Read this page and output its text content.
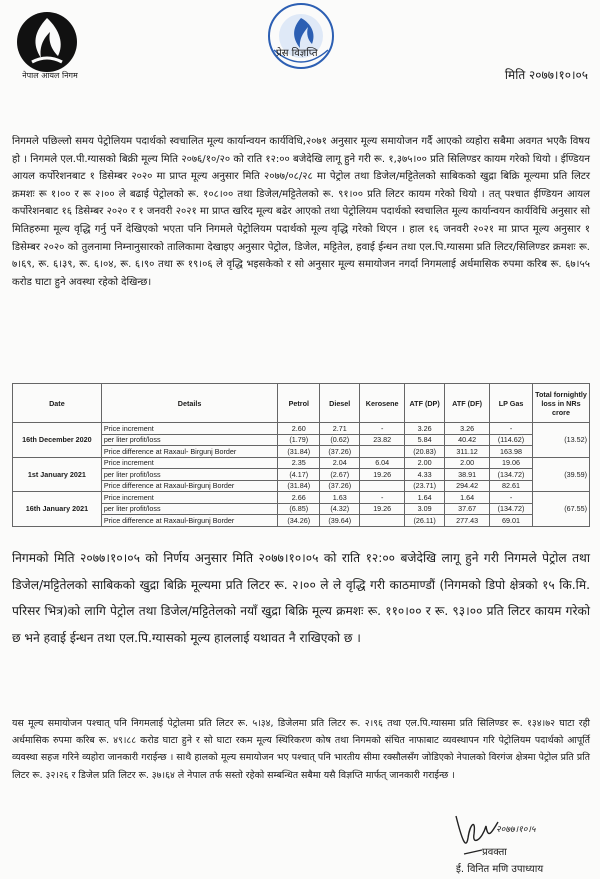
नेपाल आयल निगम
प्रेस विज्ञप्ति
मिति २०७७।१०।०५

निगमले पछिल्लो समय पेट्रोलियम पदार्थको स्वचालित मूल्य कार्यान्वयन कार्यविधि,२०७१ अनुसार मूल्य समायोजन गर्दै आएको व्यहोरा सबैमा अवगत भएकै विषय हो । निगमले एल.पी.ग्यासको बिक्री मूल्य मिति २०७६/१०/२० को राति १२:०० बजेदेखि लागू हुने गरी रू. १,३७५।०० प्रति सिलिण्डर कायम गरेको थियो । ईण्डियन आयल कर्पोरेशनबाट १ डिसेम्बर २०२० मा प्राप्त मूल्य अनुसार मिति २०७७/०८/२८ मा पेट्रोल तथा डिजेल/मट्टितेलको साबिकको खुद्रा बिक्रि मूल्यमा प्रति लिटर क्रमशः रू १।०० र रू २।०० ले बढाई पेट्रोलको रू. १०८।०० तथा डिजेल/मट्टितेलको रू. ९१।०० प्रति लिटर कायम गरेको थियो । तत् पश्चात ईण्डियन आयल कर्पोरेशनबाट १६ डिसेम्बर २०२० र १ जनवरी २०२१ मा प्राप्त खरिद मूल्य बढेर आएको तथा पेट्रोलियम पदार्थको स्वचालित मूल्य कार्यान्वयन कार्यविधि अनुसार सो मितिहरुमा मूल्य वृद्धि गर्नु पर्ने देखिएको भएता पनि निगमले पेट्रोलियम पदार्थको मूल्य वृद्धि गरेको थिएन । हाल १६ जनवरी २०२१ मा प्राप्त मूल्य अनुसार १ डिसेम्बर २०२० को तुलनामा निम्नानुसारको तालिकामा देखाइए अनुसार पेट्रोल, डिजेल, मट्टितेल, हवाई ईन्धन तथा एल.पि.ग्यासमा प्रति लिटर/सिलिण्डर क्रमशः रू. ७।६९, रू. ६।३९, रू. ६।०४, रू. ६।९० तथा रू १९।०६ ले वृद्धि भइसकेको र सो अनुसार मूल्य समायोजन नगर्दा निगमलाई अर्धमासिक रुपमा करिब रू. ६७।५५ करोड घाटा हुने अवस्था रहेको देखिन्छ।

Date	Details	Petrol	Diesel	Kerosene	ATF (DP)	ATF (DF)	LP Gas	Total fornightly loss in NRs crore
16th December 2020	Price increment	2.60	2.71	-	3.26	3.26	-	(13.52)
	per liter profit/loss	(1.79)	(0.62)	23.82	5.84	40.42	(114.62)	
	Price difference at Raxaul- Birgunj Border	(31.84)	(37.26)		(20.83)	311.12	163.98	
1st January 2021	Price increment	2.35	2.04	6.04	2.00	2.00	19.06	(39.59)
	per liter profit/loss	(4.17)	(2.67)	19.26	4.33	38.91	(134.72)	
	Price difference at Raxaul-Birgunj Border	(31.84)	(37.26)		(23.71)	294.42	82.61	
16th January 2021	Price increment	2.66	1.63	-	1.64	1.64	-	(67.55)
	per liter profit/loss	(6.85)	(4.32)	19.26	3.09	37.67	(134.72)	
	Price difference at Raxaul-Birgunj Border	(34.26)	(39.64)		(26.11)	277.43	69.01	

निगमको मिति २०७७।१०।०५ को निर्णय अनुसार मिति २०७७।१०।०५ को राति १२:०० बजेदेखि लागू हुने गरी निगमले पेट्रोल तथा डिजेल/मट्टितेलको साबिकको खुद्रा बिक्रि मूल्यमा प्रति लिटर रू. २।०० ले ले वृद्धि गरी काठमाण्डौं (निगमको डिपो क्षेत्रको १५ कि.मि. परिसर भित्र)को लागि पेट्रोल तथा डिजेल/मट्टितेलको नयाँ खुद्रा बिक्रि मूल्य क्रमशः रू. ११०।०० र रू. ९३।०० प्रति लिटर कायम गरेको छ भने हवाई ईन्धन तथा एल.पि.ग्यासको मूल्य हाललाई यथावत नै राखिएको छ ।

यस मूल्य समायोजन पश्चात् पनि निगमलाई पेट्रोलमा प्रति लिटर रू. ५।३४, डिजेलमा प्रति लिटर रू. २।९६ तथा एल.पि.ग्यासमा प्रति सिलिण्डर रू. १३४।७२ घाटा रही अर्धमासिक रुपमा करिब रू. ४९।८८ करोड घाटा हुने र सो घाटा रकम मूल्य स्थिरिकरण कोष तथा निगमको संचित नाफाबाट व्यवस्थापन गरि पेट्रोलियम पदार्थको आपूर्ति व्यवस्था सहज गरिने व्यहोरा जानकारी गराईन्छ । साथै हालको मूल्य समायोजन भए पश्चात् पनि भारतीय सीमा रक्सौलसँग जोडिएको नेपालको विरगंज क्षेत्रमा पेट्रोल प्रति प्रति लिटर रू. ३२।२६ र डिजेल प्रति लिटर रू. ३७।६४ ले नेपाल तर्फ सस्तो रहेको सम्बन्धित सबैमा यसै विज्ञप्ति मार्फत् जानकारी गराईन्छ ।

२०७७।१०।५
प्रवक्ता
ई. विनित मणि उपाध्याय
